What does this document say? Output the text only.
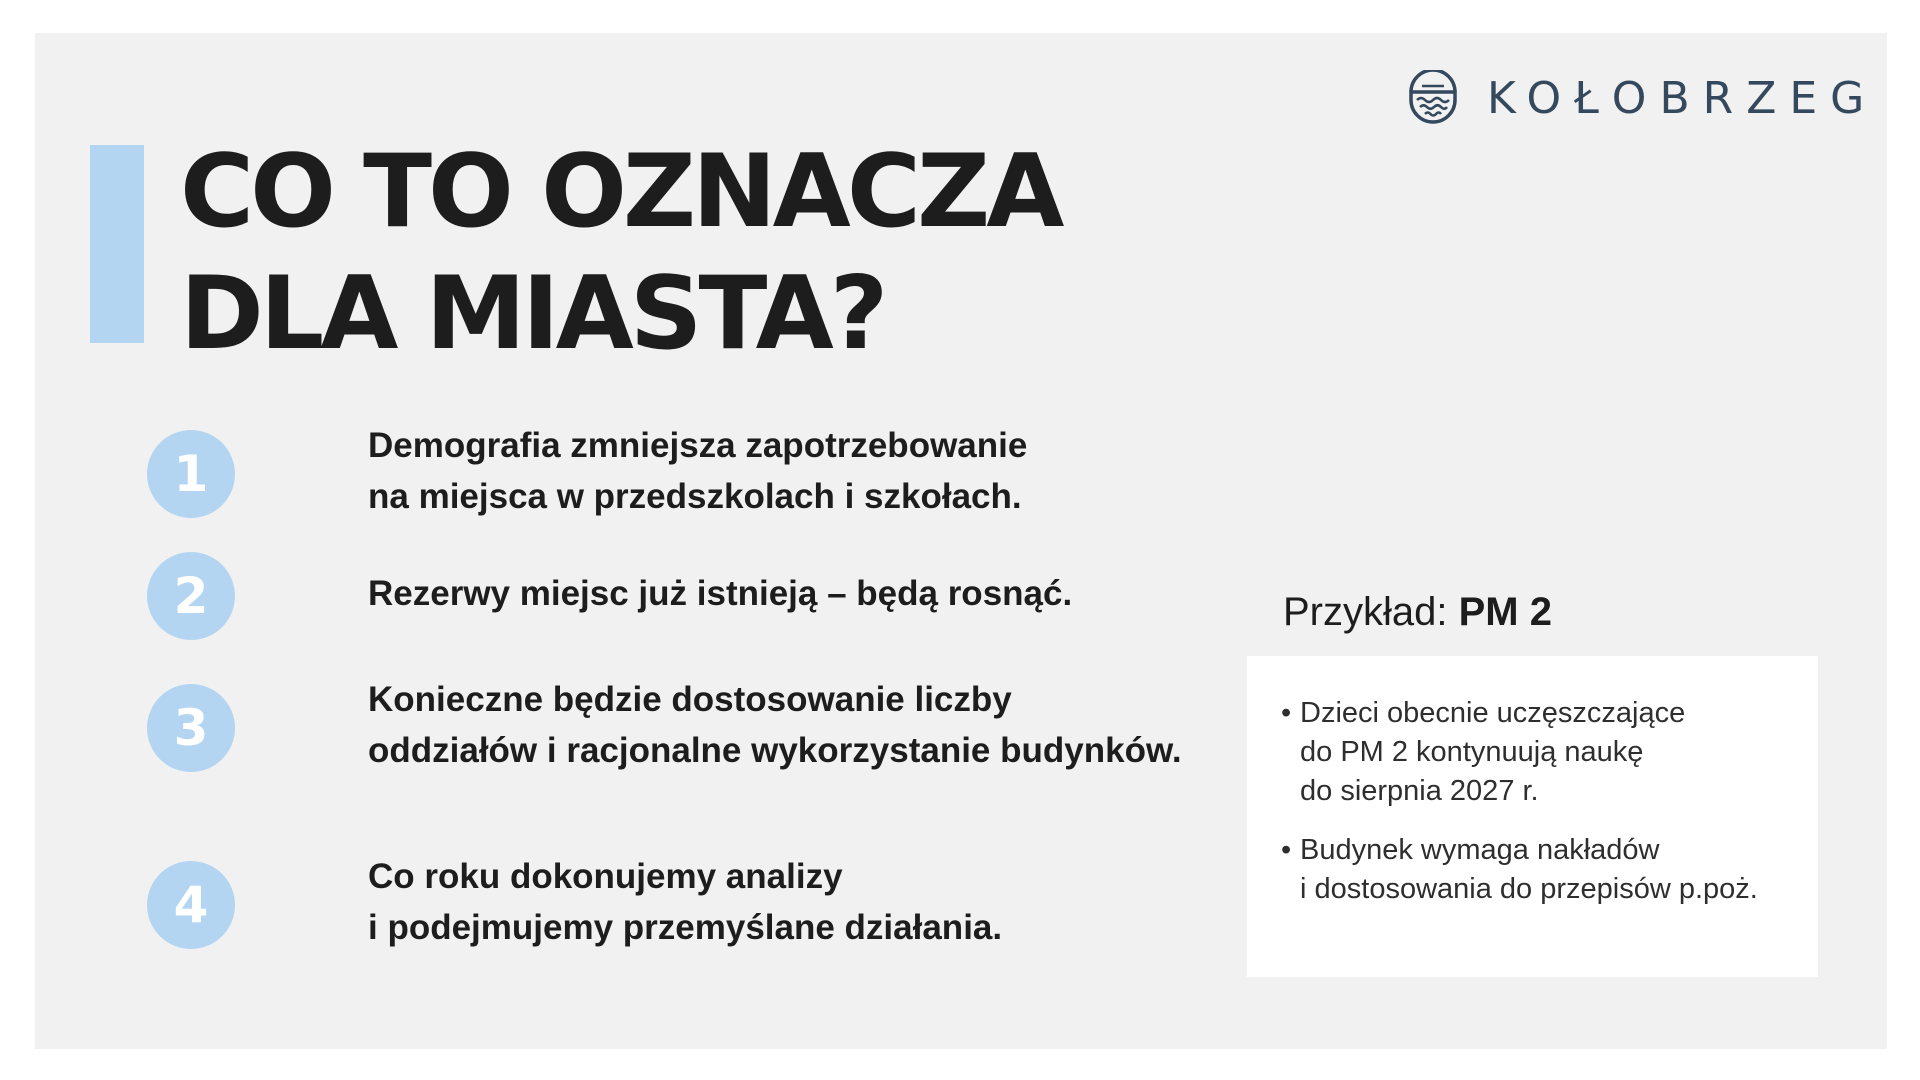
CO TO OZNACZA
DLA MIASTA?
KOŁOBRZEG
1	Demografia zmniejsza zapotrzebowanie
na miejsca w przedszkolach i szkołach.
2	Rezerwy miejsc już istnieją – będą rosnąć.
3	Konieczne będzie dostosowanie liczby
oddziałów i racjonalne wykorzystanie budynków.
4	Co roku dokonujemy analizy
i podejmujemy przemyślane działania.
Przykład: PM 2
• Dzieci obecnie uczęszczające
do PM 2 kontynuują naukę
do sierpnia 2027 r.
• Budynek wymaga nakładów
i dostosowania do przepisów p.poż.
